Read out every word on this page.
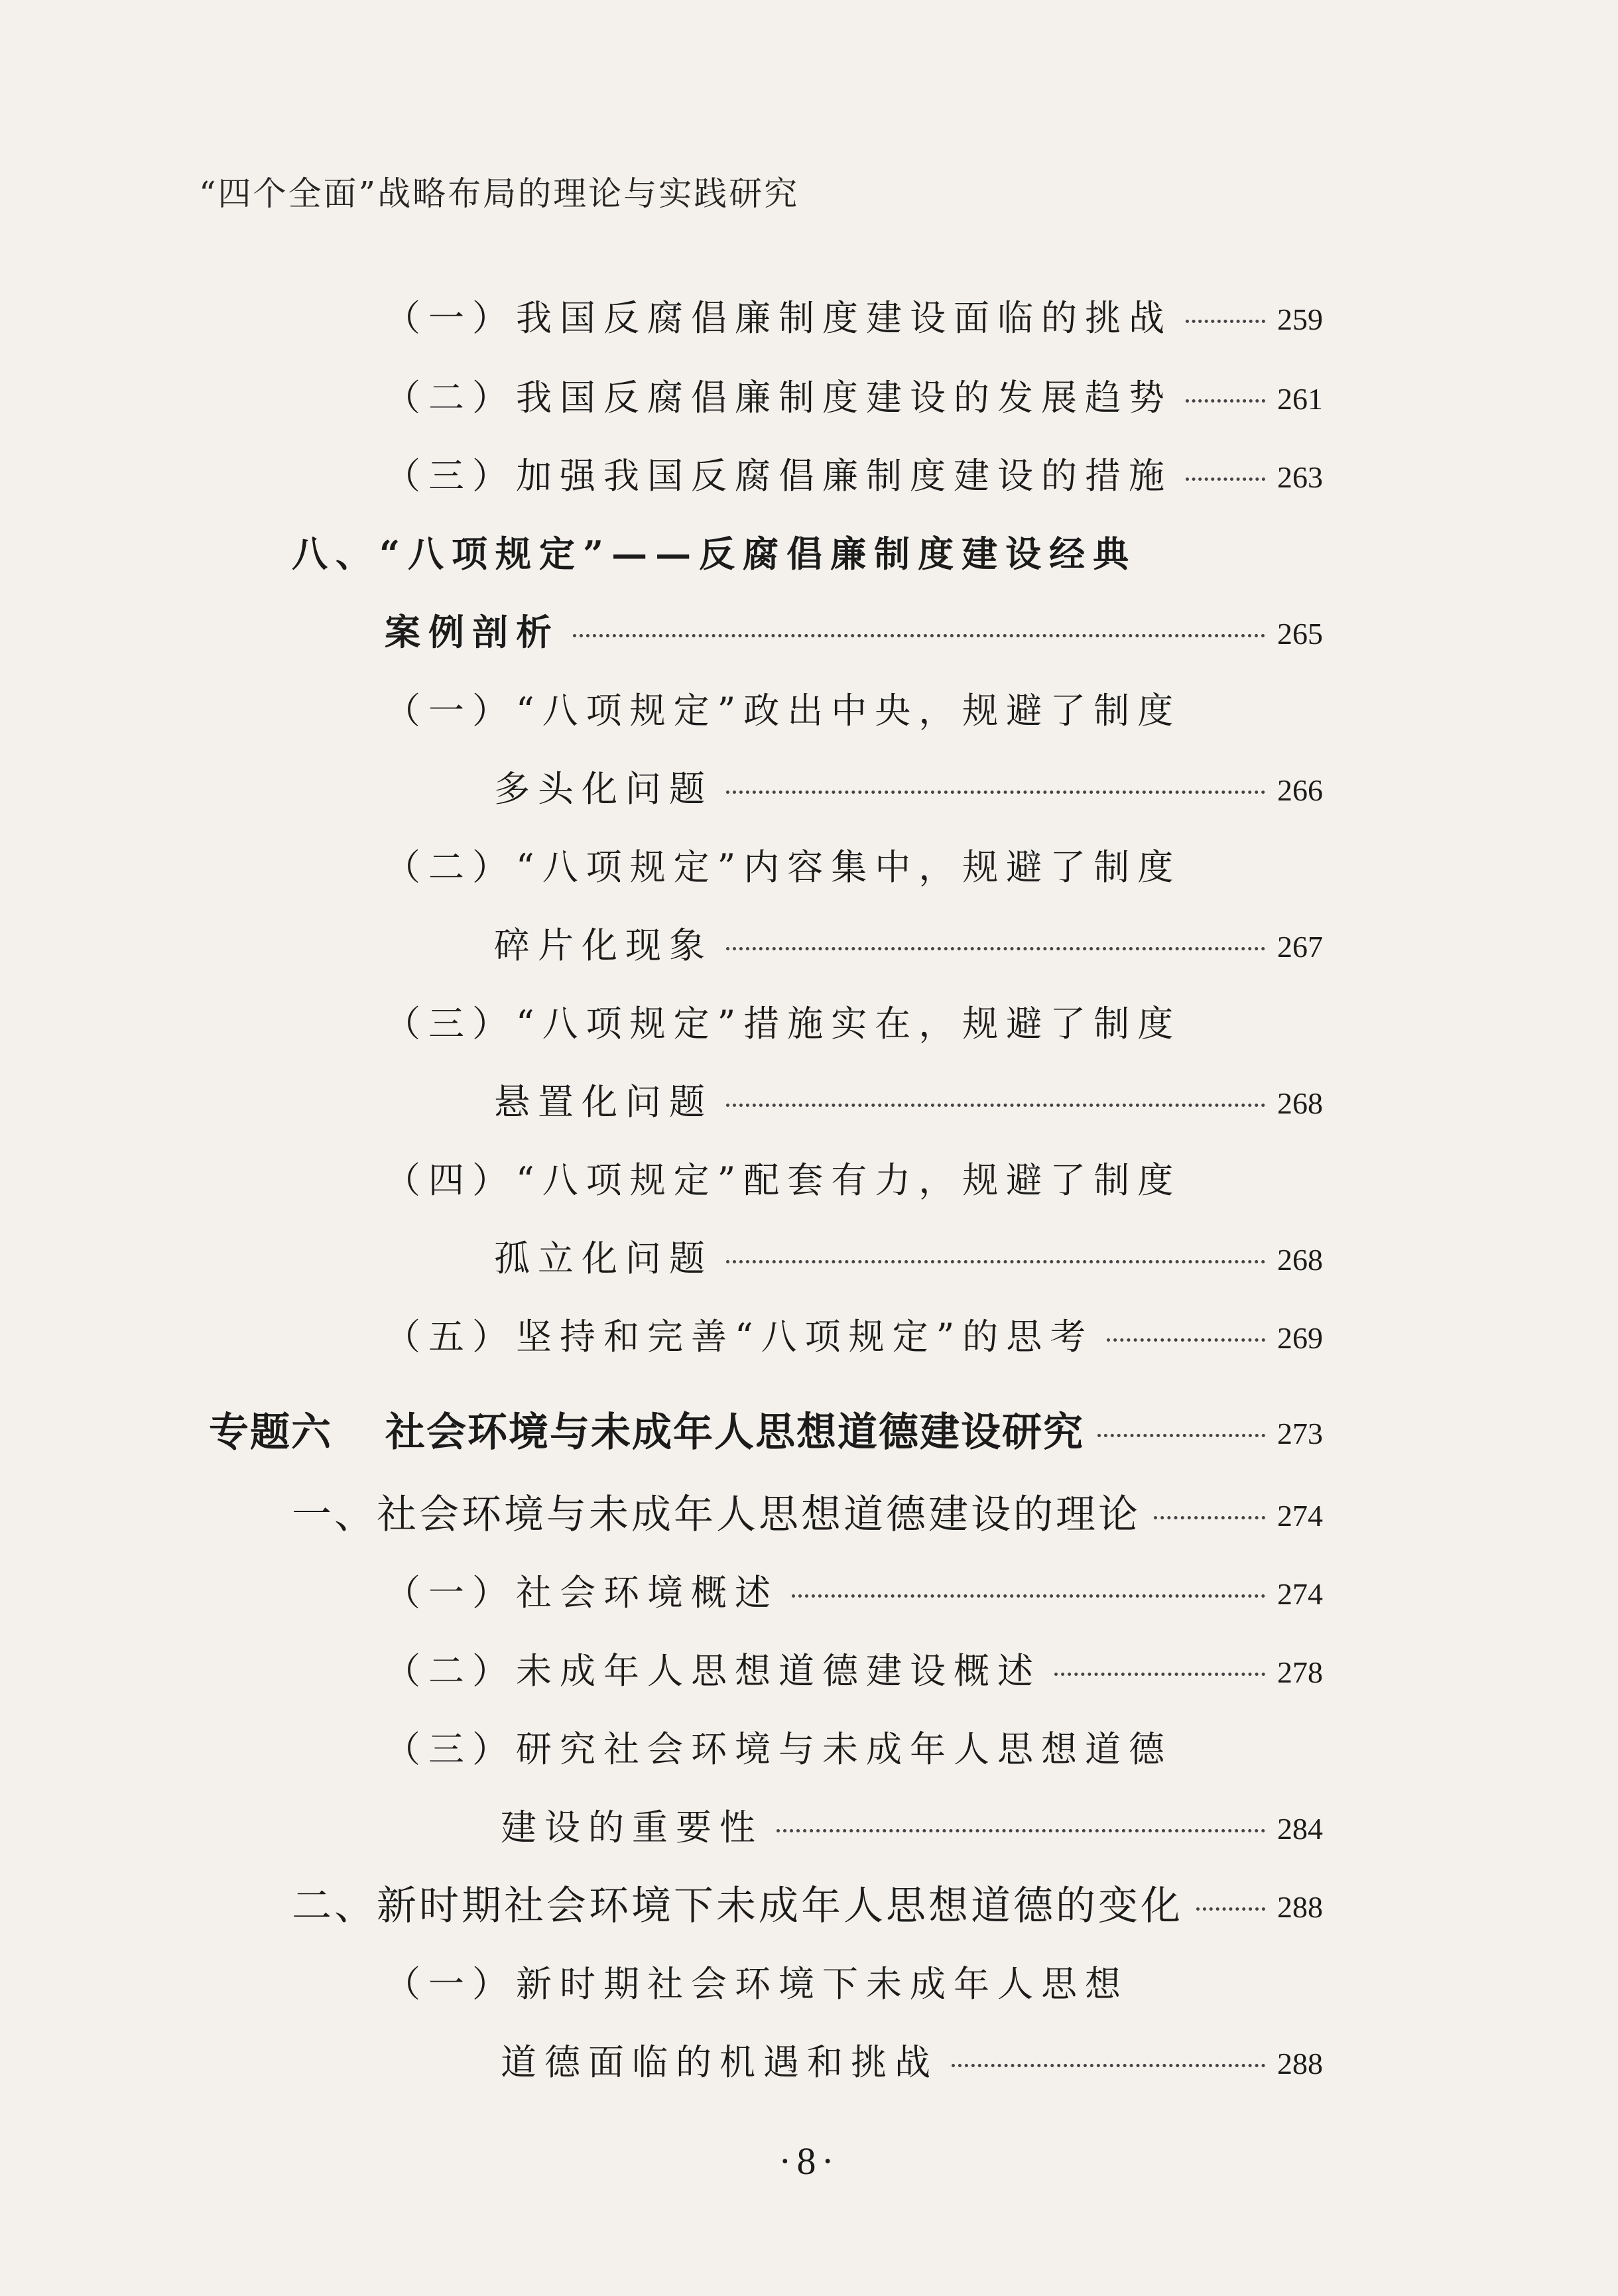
“四个全面”战略布局的理论与实践研究
（一）我国反腐倡廉制度建设面临的挑战	259
（二）我国反腐倡廉制度建设的发展趋势	261
（三）加强我国反腐倡廉制度建设的措施	263
八、“八项规定”——反腐倡廉制度建设经典
案例剖析	265
（一）“八项规定”政出中央，规避了制度
多头化问题	266
（二）“八项规定”内容集中，规避了制度
碎片化现象	267
（三）“八项规定”措施实在，规避了制度
悬置化问题	268
（四）“八项规定”配套有力，规避了制度
孤立化问题	268
（五）坚持和完善“八项规定”的思考	269
专题六 社会环境与未成年人思想道德建设研究	273
一、社会环境与未成年人思想道德建设的理论	274
（一）社会环境概述	274
（二）未成年人思想道德建设概述	278
（三）研究社会环境与未成年人思想道德
建设的重要性	284
二、新时期社会环境下未成年人思想道德的变化	288
（一）新时期社会环境下未成年人思想
道德面临的机遇和挑战	288
·8·
